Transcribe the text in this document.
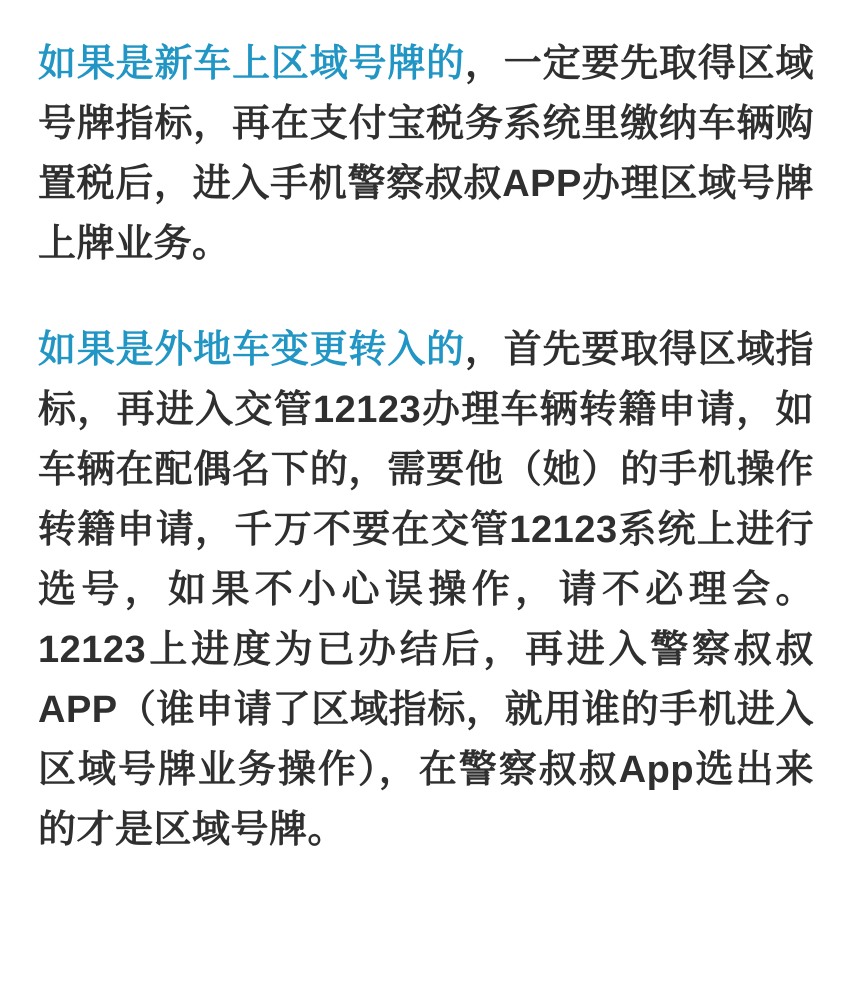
如果是新车上区域号牌的，一定要先取得区域号牌指标，再在支付宝税务系统里缴纳车辆购置税后，进入手机警察叔叔APP办理区域号牌上牌业务。

如果是外地车变更转入的，首先要取得区域指标，再进入交管12123办理车辆转籍申请，如车辆在配偶名下的，需要他（她）的手机操作转籍申请，千万不要在交管12123系统上进行选号，如果不小心误操作，请不必理会。12123上进度为已办结后，再进入警察叔叔APP（谁申请了区域指标，就用谁的手机进入区域号牌业务操作），在警察叔叔App选出来的才是区域号牌。
